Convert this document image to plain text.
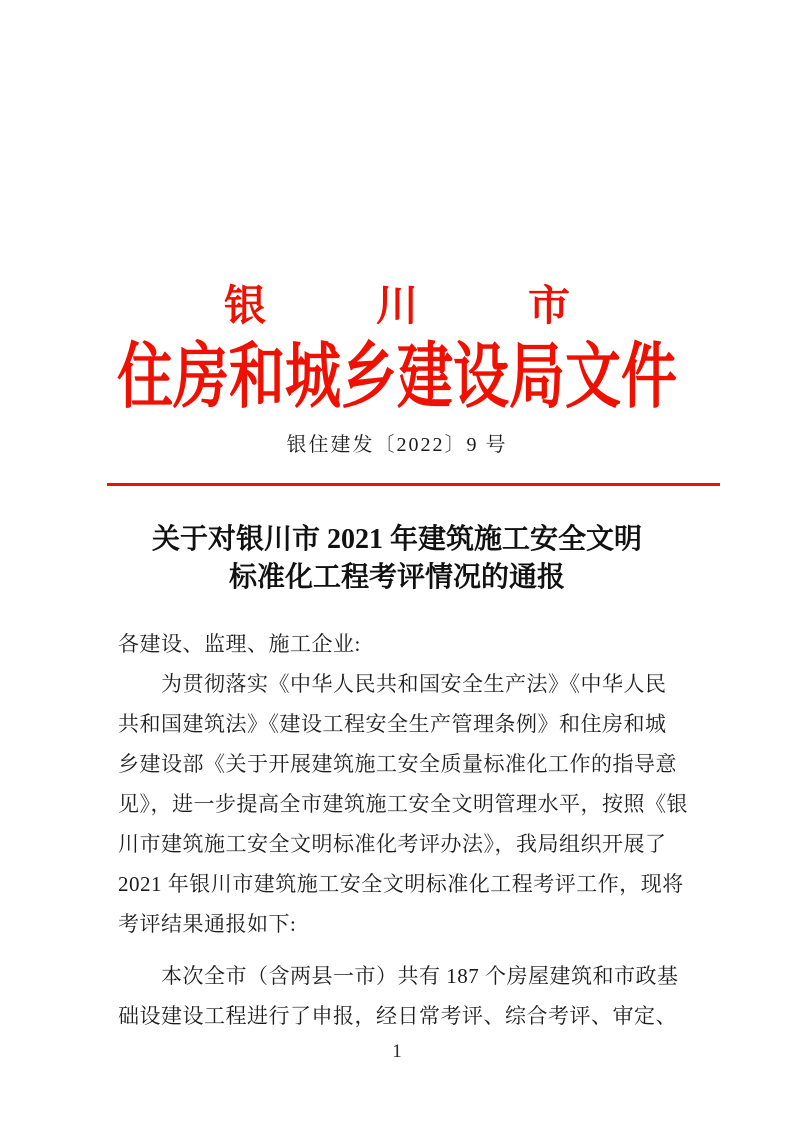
银川市
住房和城乡建设局文件
银住建发〔2022〕9 号
关于对银川市 2021 年建筑施工安全文明
标准化工程考评情况的通报
各建设、监理、施工企业:
　　为贯彻落实《中华人民共和国安全生产法》《中华人民
共和国建筑法》《建设工程安全生产管理条例》和住房和城
乡建设部《关于开展建筑施工安全质量标准化工作的指导意
见》，进一步提高全市建筑施工安全文明管理水平，按照《银
川市建筑施工安全文明标准化考评办法》，我局组织开展了
2021 年银川市建筑施工安全文明标准化工程考评工作，现将
考评结果通报如下:
　　本次全市（含两县一市）共有 187 个房屋建筑和市政基
础设建设工程进行了申报，经日常考评、综合考评、审定、
1
